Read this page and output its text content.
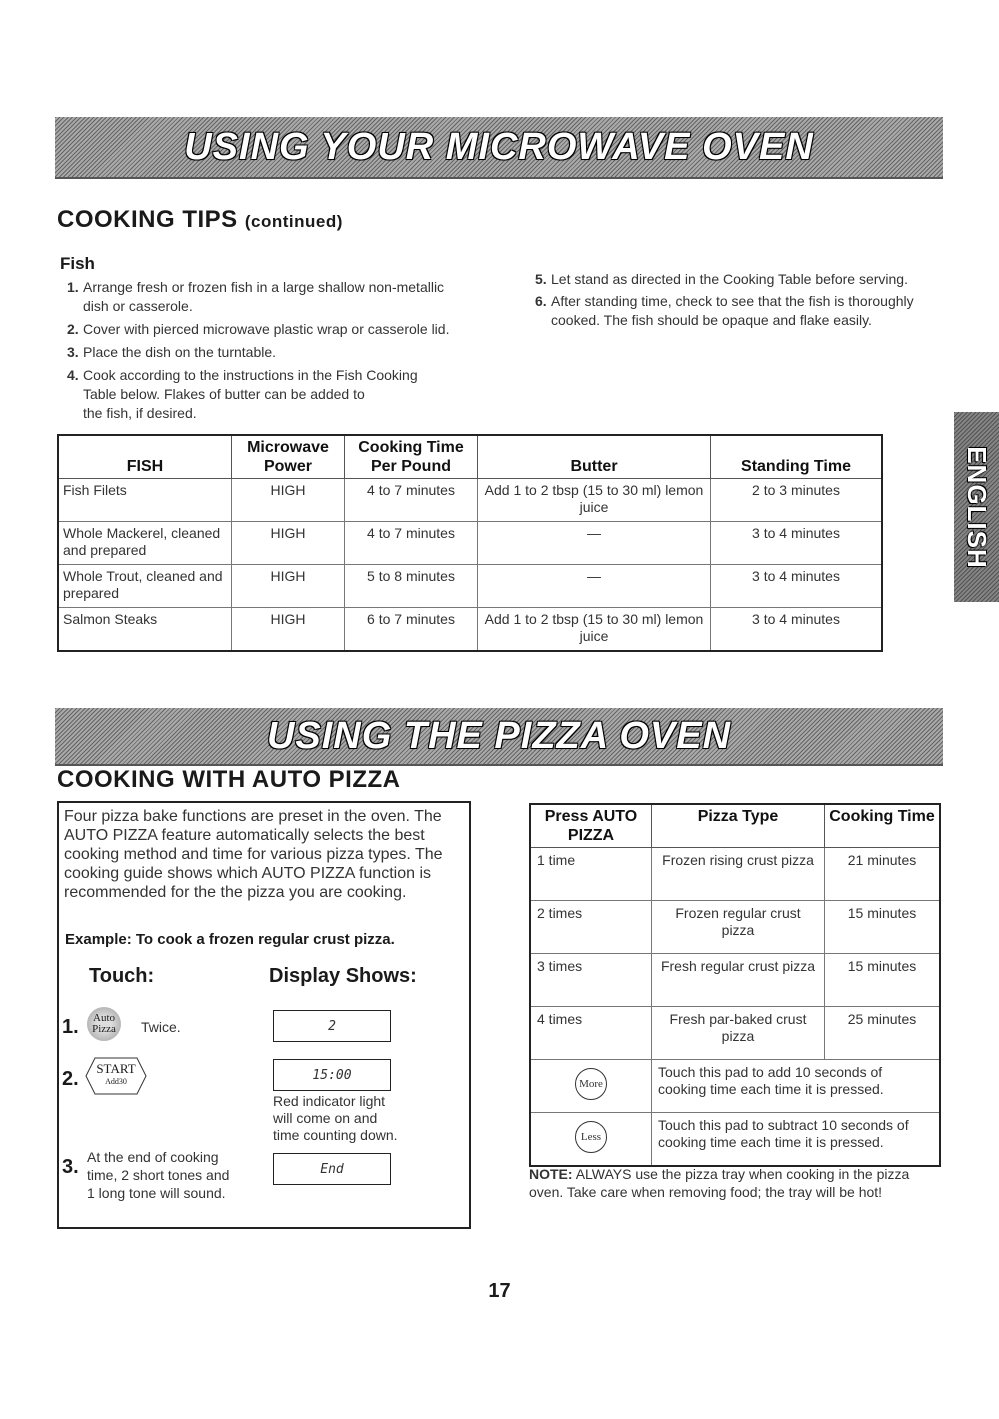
USING YOUR MICROWAVE OVEN
COOKING TIPS (continued)
Fish
1. Arrange fresh or frozen fish in a large shallow non-metallic
dish or casserole.
2. Cover with pierced microwave plastic wrap or casserole lid.
3. Place the dish on the turntable.
4. Cook according to the instructions in the Fish Cooking
Table below. Flakes of butter can be added to
the fish, if desired.
5. Let stand as directed in the Cooking Table before serving.
6. After standing time, check to see that the fish is thoroughly
cooked. The fish should be opaque and flake easily.
FISH	Microwave Power	Cooking Time Per Pound	Butter	Standing Time
Fish Filets	HIGH	4 to 7 minutes	Add 1 to 2 tbsp (15 to 30 ml) lemon juice	2 to 3 minutes
Whole Mackerel, cleaned and prepared	HIGH	4 to 7 minutes	—	3 to 4 minutes
Whole Trout, cleaned and prepared	HIGH	5 to 8 minutes	—	3 to 4 minutes
Salmon Steaks	HIGH	6 to 7 minutes	Add 1 to 2 tbsp (15 to 30 ml) lemon juice	3 to 4 minutes
ENGLISH
USING THE PIZZA OVEN
COOKING WITH AUTO PIZZA
Four pizza bake functions are preset in the oven. The AUTO PIZZA feature automatically selects the best cooking method and time for various pizza types. The cooking guide shows which AUTO PIZZA function is recommended for the the pizza you are cooking.
Example: To cook a frozen regular crust pizza.
Touch:	Display Shows:
1. Auto
Pizza Twice.	2
2.	START
Add30	15:00
Red indicator light will come on and time counting down.
3. At the end of cooking time, 2 short tones and 1 long tone will sound.
End
Press AUTO PIZZA	Pizza Type	Cooking Time
1 time	Frozen rising crust pizza	21 minutes
2 times	Frozen regular crust pizza	15 minutes
3 times	Fresh regular crust pizza	15 minutes
4 times	Fresh par-baked crust pizza	25 minutes

More	Touch this pad to add 10 seconds of cooking time each time it is pressed.	

Less	Touch this pad to subtract 10 seconds of cooking time each time it is pressed.	
NOTE: ALWAYS use the pizza tray when cooking in the pizza oven. Take care when removing food; the tray will be hot!
17
